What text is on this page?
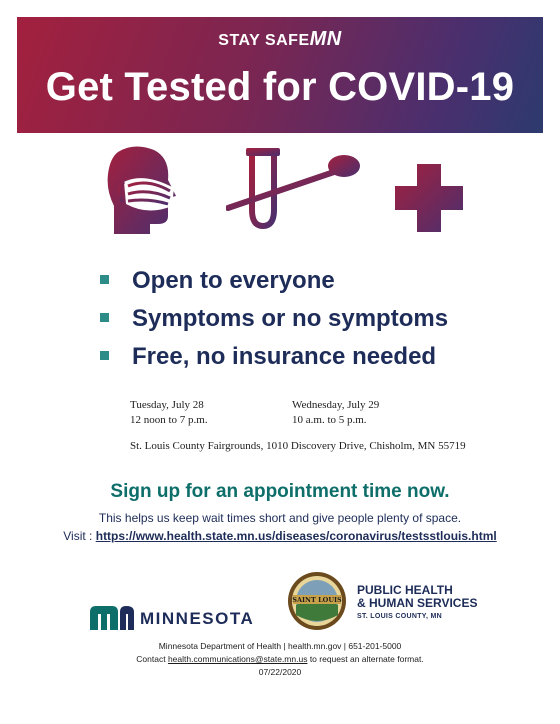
STAY SAFEMN
Get Tested for COVID-19
Open to everyone
Symptoms or no symptoms
Free, no insurance needed
Tuesday, July 28
12 noon to 7 p.m.
Wednesday, July 29
10 a.m. to 5 p.m.
St. Louis County Fairgrounds, 1010 Discovery Drive, Chisholm, MN 55719
Sign up for an appointment time now.
This helps us keep wait times short and give people plenty of space.
Visit : https://www.health.state.mn.us/diseases/coronavirus/testsstlouis.html
MINNESOTA
SAINT LOUIS
PUBLIC HEALTH
& HUMAN SERVICES
ST. LOUIS COUNTY, MN
Minnesota Department of Health | health.mn.gov | 651-201-5000
Contact health.communications@state.mn.us to request an alternate format.
07/22/2020
